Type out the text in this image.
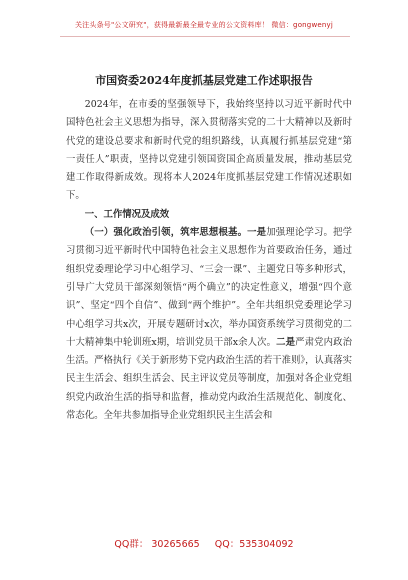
关注头条号"公文研究"，获得最新最全最专业的公文资料库！ 微信：gongwenyj
市国资委2024年度抓基层党建工作述职报告

2024年，在市委的坚强领导下，我始终坚持以习近平新时代中国特色社会主义思想为指导，深入贯彻落实党的二十大精神以及新时代党的建设总要求和新时代党的组织路线，认真履行抓基层党建“第一责任人”职责，坚持以党建引领国资国企高质量发展，推动基层党建工作取得新成效。现将本人2024年度抓基层党建工作情况述职如下。

一、工作情况及成效

（一）强化政治引领，筑牢思想根基。一是加强理论学习。把学习贯彻习近平新时代中国特色社会主义思想作为首要政治任务，通过组织党委理论学习中心组学习、“三会一课”、主题党日等多种形式，引导广大党员干部深刻领悟“两个确立”的决定性意义，增强“四个意识”、坚定“四个自信”、做到“两个维护”。全年共组织党委理论学习中心组学习共x次，开展专题研讨x次，举办国资系统学习贯彻党的二十大精神集中轮训班x期，培训党员干部x余人次。二是严肃党内政治生活。严格执行《关于新形势下党内政治生活的若干准则》，认真落实民主生活会、组织生活会、民主评议党员等制度，加强对各企业党组织党内政治生活的指导和监督，推动党内政治生活规范化、制度化、常态化。全年共参加指导企业党组织民主生活会和

QQ群： 30265665 QQ：535304092
